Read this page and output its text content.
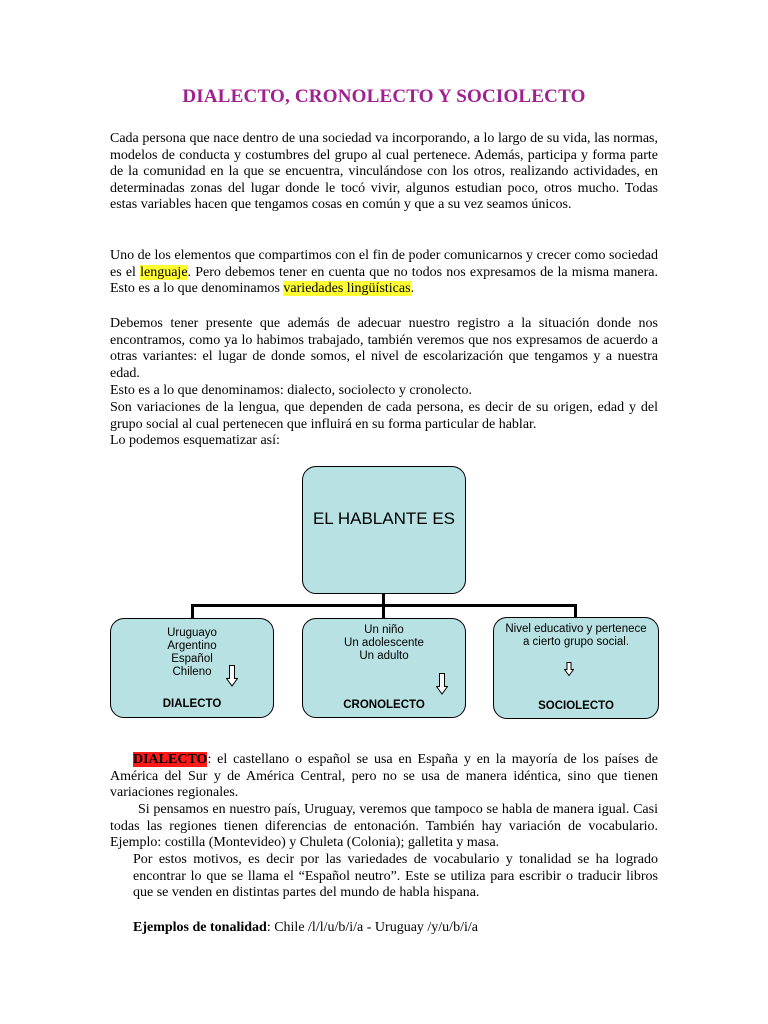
DIALECTO, CRONOLECTO Y SOCIOLECTO

Cada persona que nace dentro de una sociedad va incorporando, a lo largo de su vida, las normas, modelos de conducta y costumbres del grupo al cual pertenece. Además, participa y forma parte de la comunidad en la que se encuentra, vinculándose con los otros, realizando actividades, en determinadas zonas del lugar donde le tocó vivir, algunos estudian poco, otros mucho. Todas estas variables hacen que tengamos cosas en común y que a su vez seamos únicos.

Uno de los elementos que compartimos con el fin de poder comunicarnos y crecer como sociedad es el lenguaje. Pero debemos tener en cuenta que no todos nos expresamos de la misma manera. Esto es a lo que denominamos variedades lingüísticas.

Debemos tener presente que además de adecuar nuestro registro a la situación donde nos encontramos, como ya lo habimos trabajado, también veremos que nos expresamos de acuerdo a otras variantes: el lugar de donde somos, el nivel de escolarización que tengamos y a nuestra edad.

Esto es a lo que denominamos: dialecto, sociolecto y cronolecto.

Son variaciones de la lengua, que dependen de cada persona, es decir de su origen, edad y del grupo social al cual pertenecen que influirá en su forma particular de hablar.

Lo podemos esquematizar así:

EL HABLANTE ES
Uruguayo
Argentino
Español
Chileno
DIALECTO
Un niño
Un adolescente
Un adulto
CRONOLECTO
Nivel educativo y pertenece
a cierto grupo social.
SOCIOLECTO

DIALECTO: el castellano o español se usa en España y en la mayoría de los países de América del Sur y de América Central, pero no se usa de manera idéntica, sino que tienen variaciones regionales.

Si pensamos en nuestro país, Uruguay, veremos que tampoco se habla de manera igual. Casi todas las regiones tienen diferencias de entonación. También hay variación de vocabulario. Ejemplo: costilla (Montevideo) y Chuleta (Colonia); galletita y masa.

Por estos motivos, es decir por las variedades de vocabulario y tonalidad se ha logrado encontrar lo que se llama el “Español neutro”. Este se utiliza para escribir o traducir libros que se venden en distintas partes del mundo de habla hispana.

Ejemplos de tonalidad: Chile /l/l/u/b/i/a - Uruguay /y/u/b/i/a
